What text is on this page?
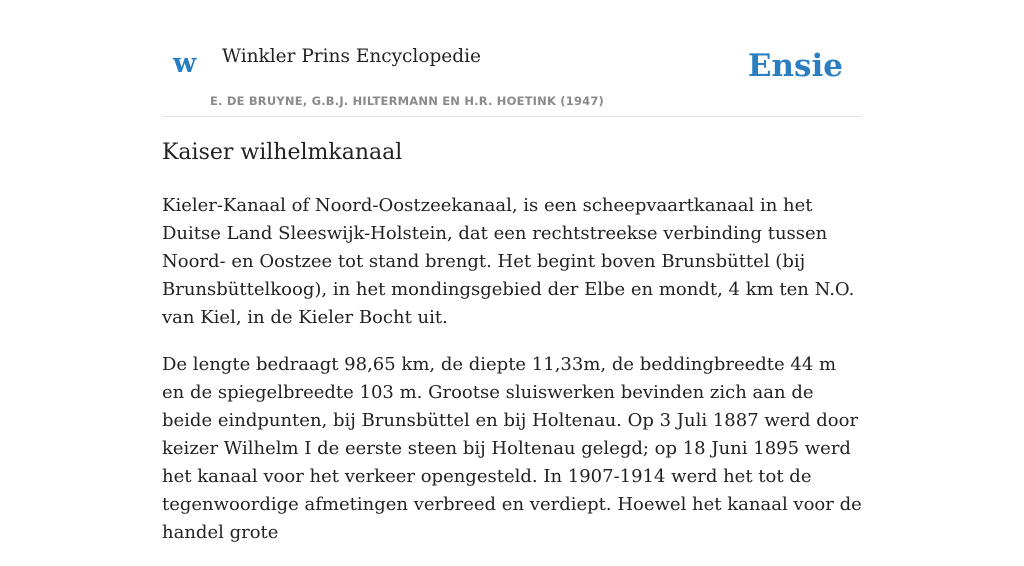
w Winkler Prins Encyclopedie
E. DE BRUYNE, G.B.J. HILTERMANN EN H.R. HOETINK (1947)
Ensie
Kaiser wilhelmkanaal

Kieler-Kanaal of Noord-Oostzeekanaal, is een scheepvaartkanaal in het Duitse Land Sleeswijk-Holstein, dat een rechtstreekse verbinding tussen Noord- en Oostzee tot stand brengt. Het begint boven Brunsbüttel (bij Brunsbüttelkoog), in het mondingsgebied der Elbe en mondt, 4 km ten N.O. van Kiel, in de Kieler Bocht uit.

De lengte bedraagt 98,65 km, de diepte 11,33m, de beddingbreedte 44 m en de spiegelbreedte 103 m. Grootse sluiswerken bevinden zich aan de beide eindpunten, bij Brunsbüttel en bij Holtenau. Op 3 Juli 1887 werd door keizer Wilhelm I de eerste steen bij Holtenau gelegd; op 18 Juni 1895 werd het kanaal voor het verkeer opengesteld. In 1907-1914 werd het tot de tegenwoordige afmetingen verbreed en verdiept. Hoewel het kanaal voor de handel grote
